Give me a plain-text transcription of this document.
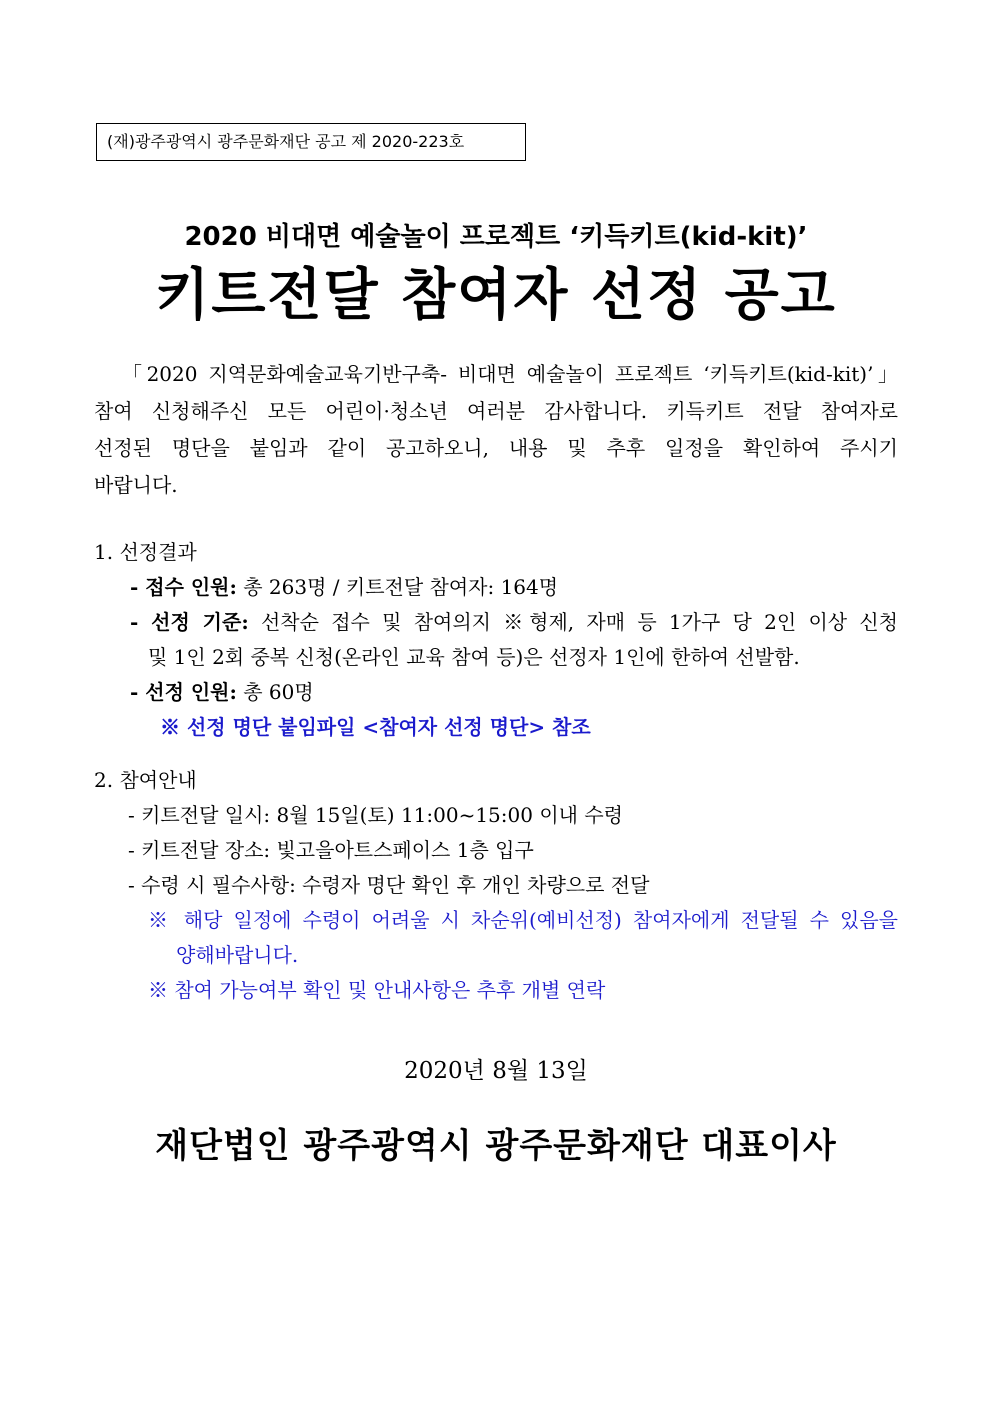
(재)광주광역시 광주문화재단 공고 제 2020-223호
2020 비대면 예술놀이 프로젝트 ‘키득키트(kid-kit)’
키트전달 참여자 선정 공고

「2020 지역문화예술교육기반구축- 비대면 예술놀이 프로젝트 ‘키득키트(kid-kit)’」

참여 신청해주신 모든 어린이·청소년 여러분 감사합니다. 키득키트 전달 참여자로

선정된 명단을 붙임과 같이 공고하오니, 내용 및 추후 일정을 확인하여 주시기

바랍니다.

1. 선정결과
- 접수 인원: 총 263명 / 키트전달 참여자: 164명
- 선정 기준: 선착순 접수 및 참여의지 ※형제, 자매 등 1가구 당 2인 이상 신청
및 1인 2회 중복 신청(온라인 교육 참여 등)은 선정자 1인에 한하여 선발함.
- 선정 인원: 총 60명
※ 선정 명단 붙임파일 <참여자 선정 명단> 참조
2. 참여안내
- 키트전달 일시: 8월 15일(토) 11:00~15:00 이내 수령
- 키트전달 장소: 빛고을아트스페이스 1층 입구
- 수령 시 필수사항: 수령자 명단 확인 후 개인 차량으로 전달
※ 해당 일정에 수령이 어려울 시 차순위(예비선정) 참여자에게 전달될 수 있음을
양해바랍니다.
※ 참여 가능여부 확인 및 안내사항은 추후 개별 연락
2020년 8월 13일
재단법인 광주광역시 광주문화재단 대표이사
